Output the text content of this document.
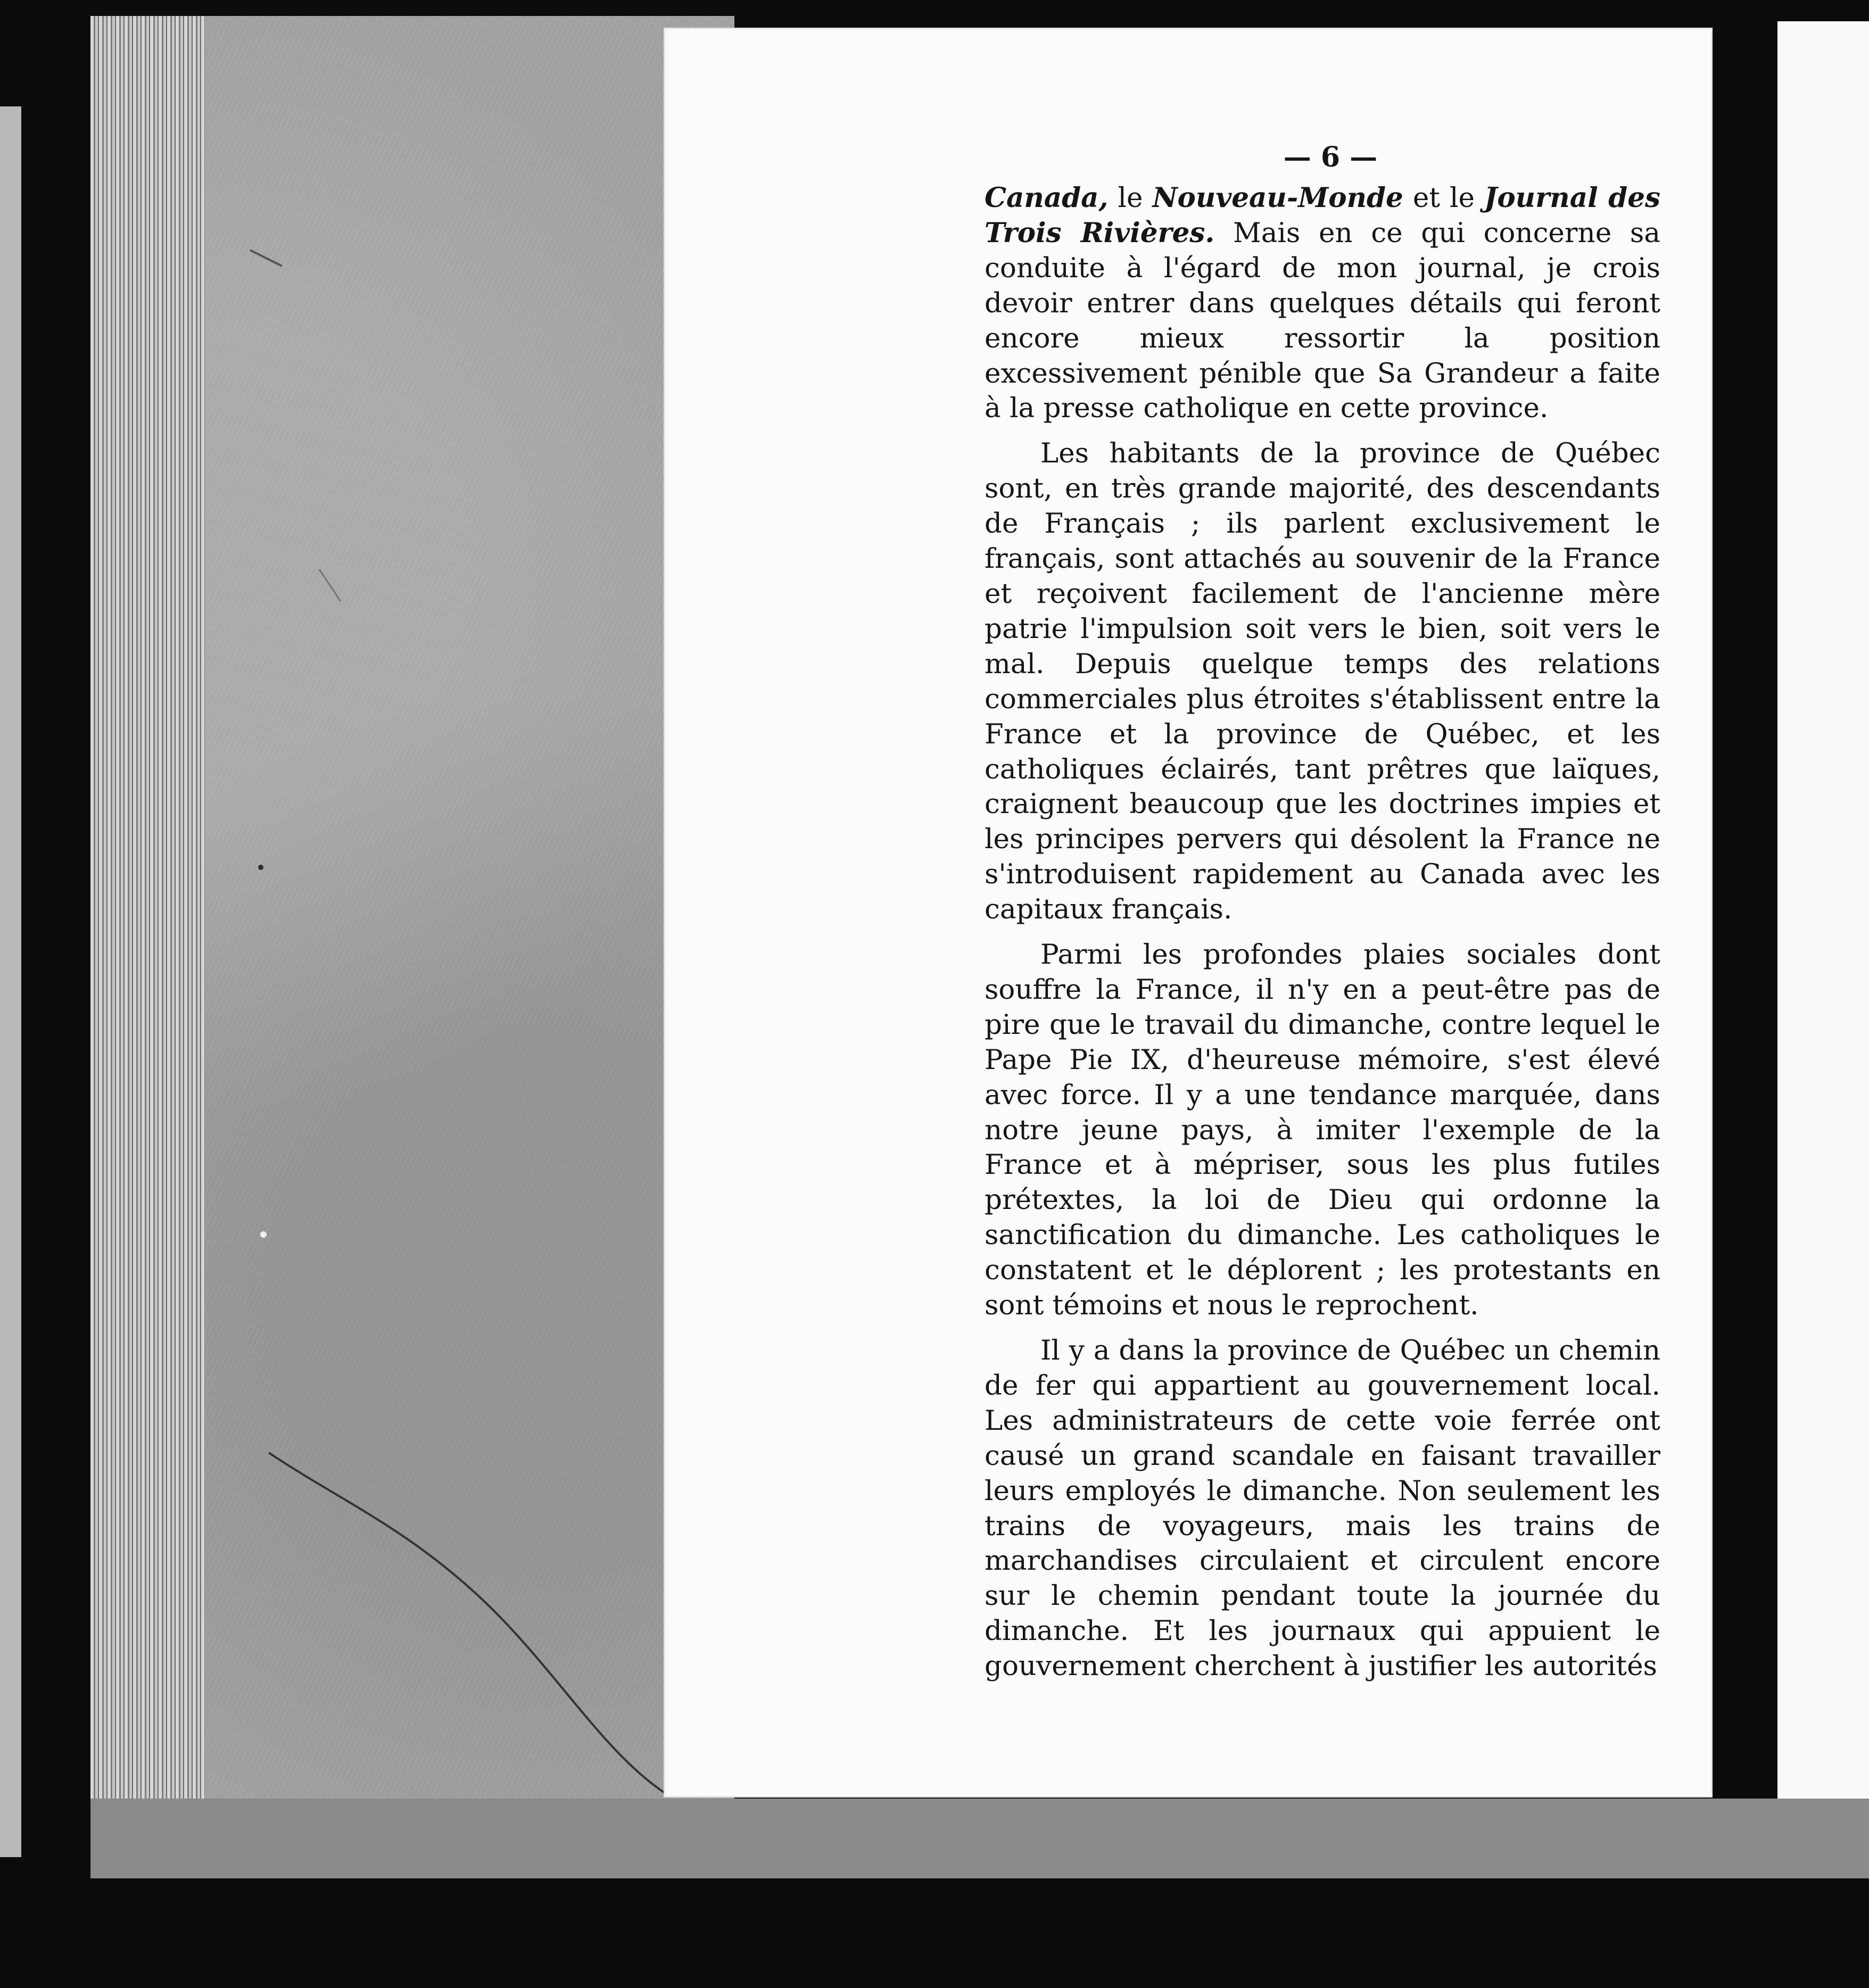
— 6 —

Canada, le Nouveau-Monde et le Journal des Trois Rivières. Mais en ce qui concerne sa conduite à l'égard de mon journal, je crois devoir entrer dans quelques détails qui feront encore mieux ressortir la position excessivement pénible que Sa Grandeur a faite à la presse catholique en cette province.

Les habitants de la province de Québec sont, en très grande majorité, des descendants de Français ; ils parlent exclusivement le français, sont attachés au souvenir de la France et reçoivent facilement de l'ancienne mère patrie l'impulsion soit vers le bien, soit vers le mal. Depuis quelque temps des relations commerciales plus étroites s'établissent entre la France et la province de Québec, et les catholiques éclairés, tant prêtres que laïques, craignent beaucoup que les doctrines impies et les principes pervers qui désolent la France ne s'introduisent rapidement au Canada avec les capitaux français.

Parmi les profondes plaies sociales dont souffre la France, il n'y en a peut-être pas de pire que le travail du dimanche, contre lequel le Pape Pie IX, d'heureuse mémoire, s'est élevé avec force. Il y a une tendance marquée, dans notre jeune pays, à imiter l'exemple de la France et à mépriser, sous les plus futiles prétextes, la loi de Dieu qui ordonne la sanctification du dimanche. Les catholiques le constatent et le déplorent ; les protestants en sont témoins et nous le reprochent.

Il y a dans la province de Québec un chemin de fer qui appartient au gouvernement local. Les administrateurs de cette voie ferrée ont causé un grand scandale en faisant travailler leurs employés le dimanche. Non seulement les trains de voyageurs, mais les trains de marchandises circulaient et circulent encore sur le chemin pendant toute la journée du dimanche. Et les journaux qui appuient le gouvernement cherchent à justifier les autorités
